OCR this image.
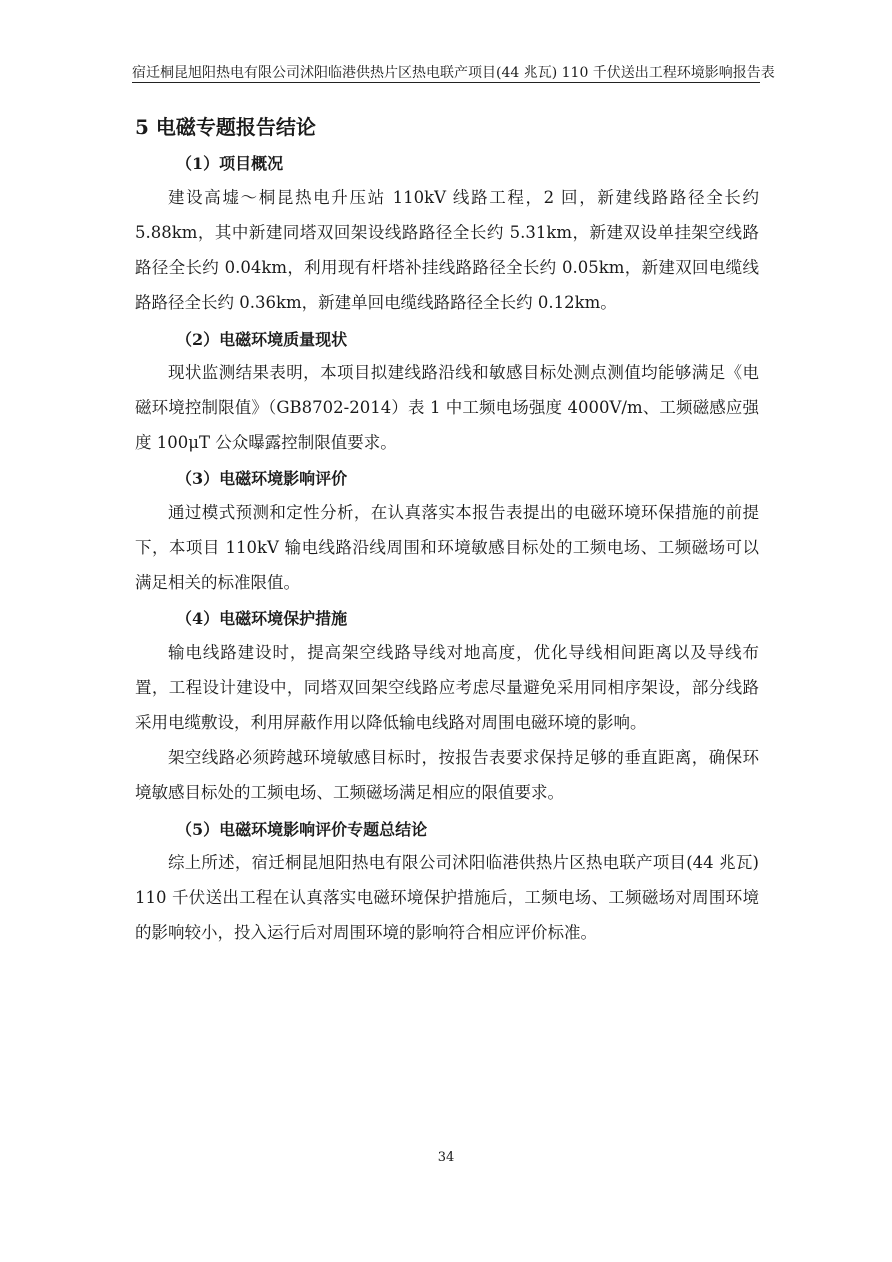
宿迁桐昆旭阳热电有限公司沭阳临港供热片区热电联产项目(44 兆瓦) 110 千伏送出工程环境影响报告表
5 电磁专题报告结论
（1）项目概况

建设高墟～桐昆热电升压站 110kV 线路工程，2 回，新建线路路径全长约 5.88km，其中新建同塔双回架设线路路径全长约 5.31km，新建双设单挂架空线路路径全长约 0.04km，利用现有杆塔补挂线路路径全长约 0.05km，新建双回电缆线路路径全长约 0.36km，新建单回电缆线路路径全长约 0.12km。

（2）电磁环境质量现状

现状监测结果表明，本项目拟建线路沿线和敏感目标处测点测值均能够满足《电磁环境控制限值》（GB8702-2014）表 1 中工频电场强度 4000V/m、工频磁感应强度 100μT 公众曝露控制限值要求。

（3）电磁环境影响评价

通过模式预测和定性分析，在认真落实本报告表提出的电磁环境环保措施的前提下，本项目 110kV 输电线路沿线周围和环境敏感目标处的工频电场、工频磁场可以满足相关的标准限值。

（4）电磁环境保护措施

输电线路建设时，提高架空线路导线对地高度，优化导线相间距离以及导线布置，工程设计建设中，同塔双回架空线路应考虑尽量避免采用同相序架设，部分线路采用电缆敷设，利用屏蔽作用以降低输电线路对周围电磁环境的影响。

架空线路必须跨越环境敏感目标时，按报告表要求保持足够的垂直距离，确保环境敏感目标处的工频电场、工频磁场满足相应的限值要求。

（5）电磁环境影响评价专题总结论

综上所述，宿迁桐昆旭阳热电有限公司沭阳临港供热片区热电联产项目(44 兆瓦) 110 千伏送出工程在认真落实电磁环境保护措施后，工频电场、工频磁场对周围环境的影响较小，投入运行后对周围环境的影响符合相应评价标准。

34
